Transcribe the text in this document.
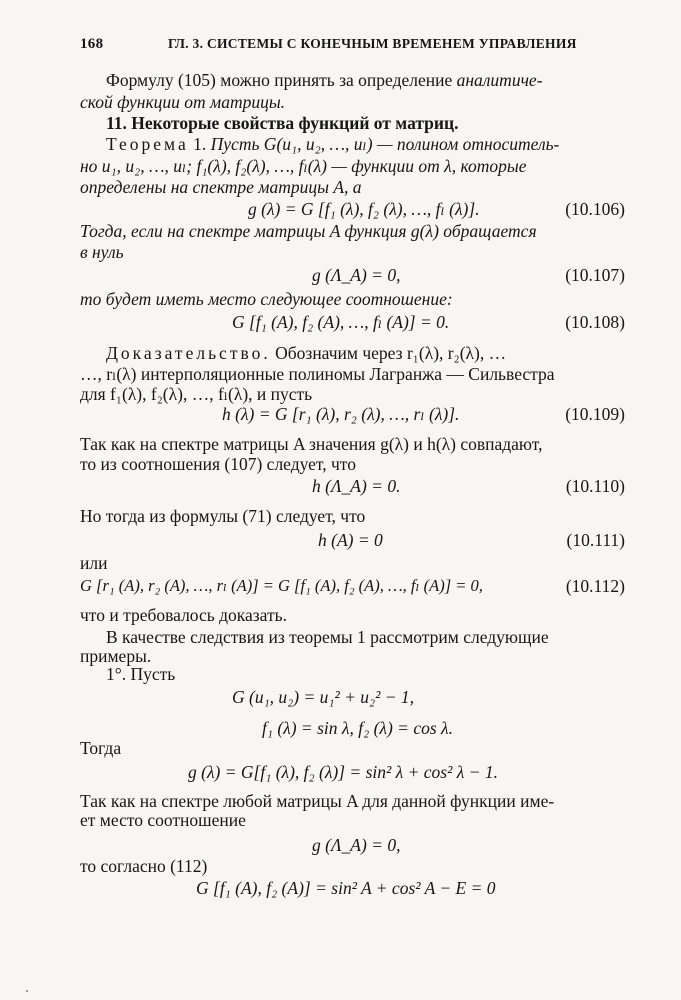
168	ГЛ. 3. СИСТЕМЫ С КОНЕЧНЫМ ВРЕМЕНЕМ УПРАВЛЕНИЯ
Формулу (105) можно принять за определение аналитиче-
ской функции от матрицы.
11. Некоторые свойства функций от матриц.
Теорема 1. Пусть G(u₁, u₂, …, uₗ) — полином относитель-
но u₁, u₂, …, uₗ; f₁(λ), f₂(λ), …, fₗ(λ) — функции от λ, которые
определены на спектре матрицы A, а
g (λ) = G [f₁ (λ), f₂ (λ), …, fₗ (λ)].	(10.106)
Тогда, если на спектре матрицы A функция g(λ) обращается
в нуль
g (Λ_A) = 0,	(10.107)
то будет иметь место следующее соотношение:
G [f₁ (A), f₂ (A), …, fₗ (A)] = 0.	(10.108)
Доказательство. Обозначим через r₁(λ), r₂(λ), …
…, rₗ(λ) интерполяционные полиномы Лагранжа — Сильвестра
для f₁(λ), f₂(λ), …, fₗ(λ), и пусть
h (λ) = G [r₁ (λ), r₂ (λ), …, rₗ (λ)].	(10.109)
Так как на спектре матрицы A значения g(λ) и h(λ) совпадают,
то из соотношения (107) следует, что
h (Λ_A) = 0.	(10.110)
Но тогда из формулы (71) следует, что
h (A) = 0	(10.111)
или
G [r₁ (A), r₂ (A), …, rₗ (A)] = G [f₁ (A), f₂ (A), …, fₗ (A)] = 0,	(10.112)
что и требовалось доказать.
В качестве следствия из теоремы 1 рассмотрим следующие
примеры.
1°. Пусть
G (u₁, u₂) = u₁² + u₂² − 1,
f₁ (λ) = sin λ, f₂ (λ) = cos λ.
Тогда
g (λ) = G[f₁ (λ), f₂ (λ)] = sin² λ + cos² λ − 1.
Так как на спектре любой матрицы A для данной функции име-
ет место соотношение
g (Λ_A) = 0,
то согласно (112)
G [f₁ (A), f₂ (A)] = sin² A + cos² A − E = 0
